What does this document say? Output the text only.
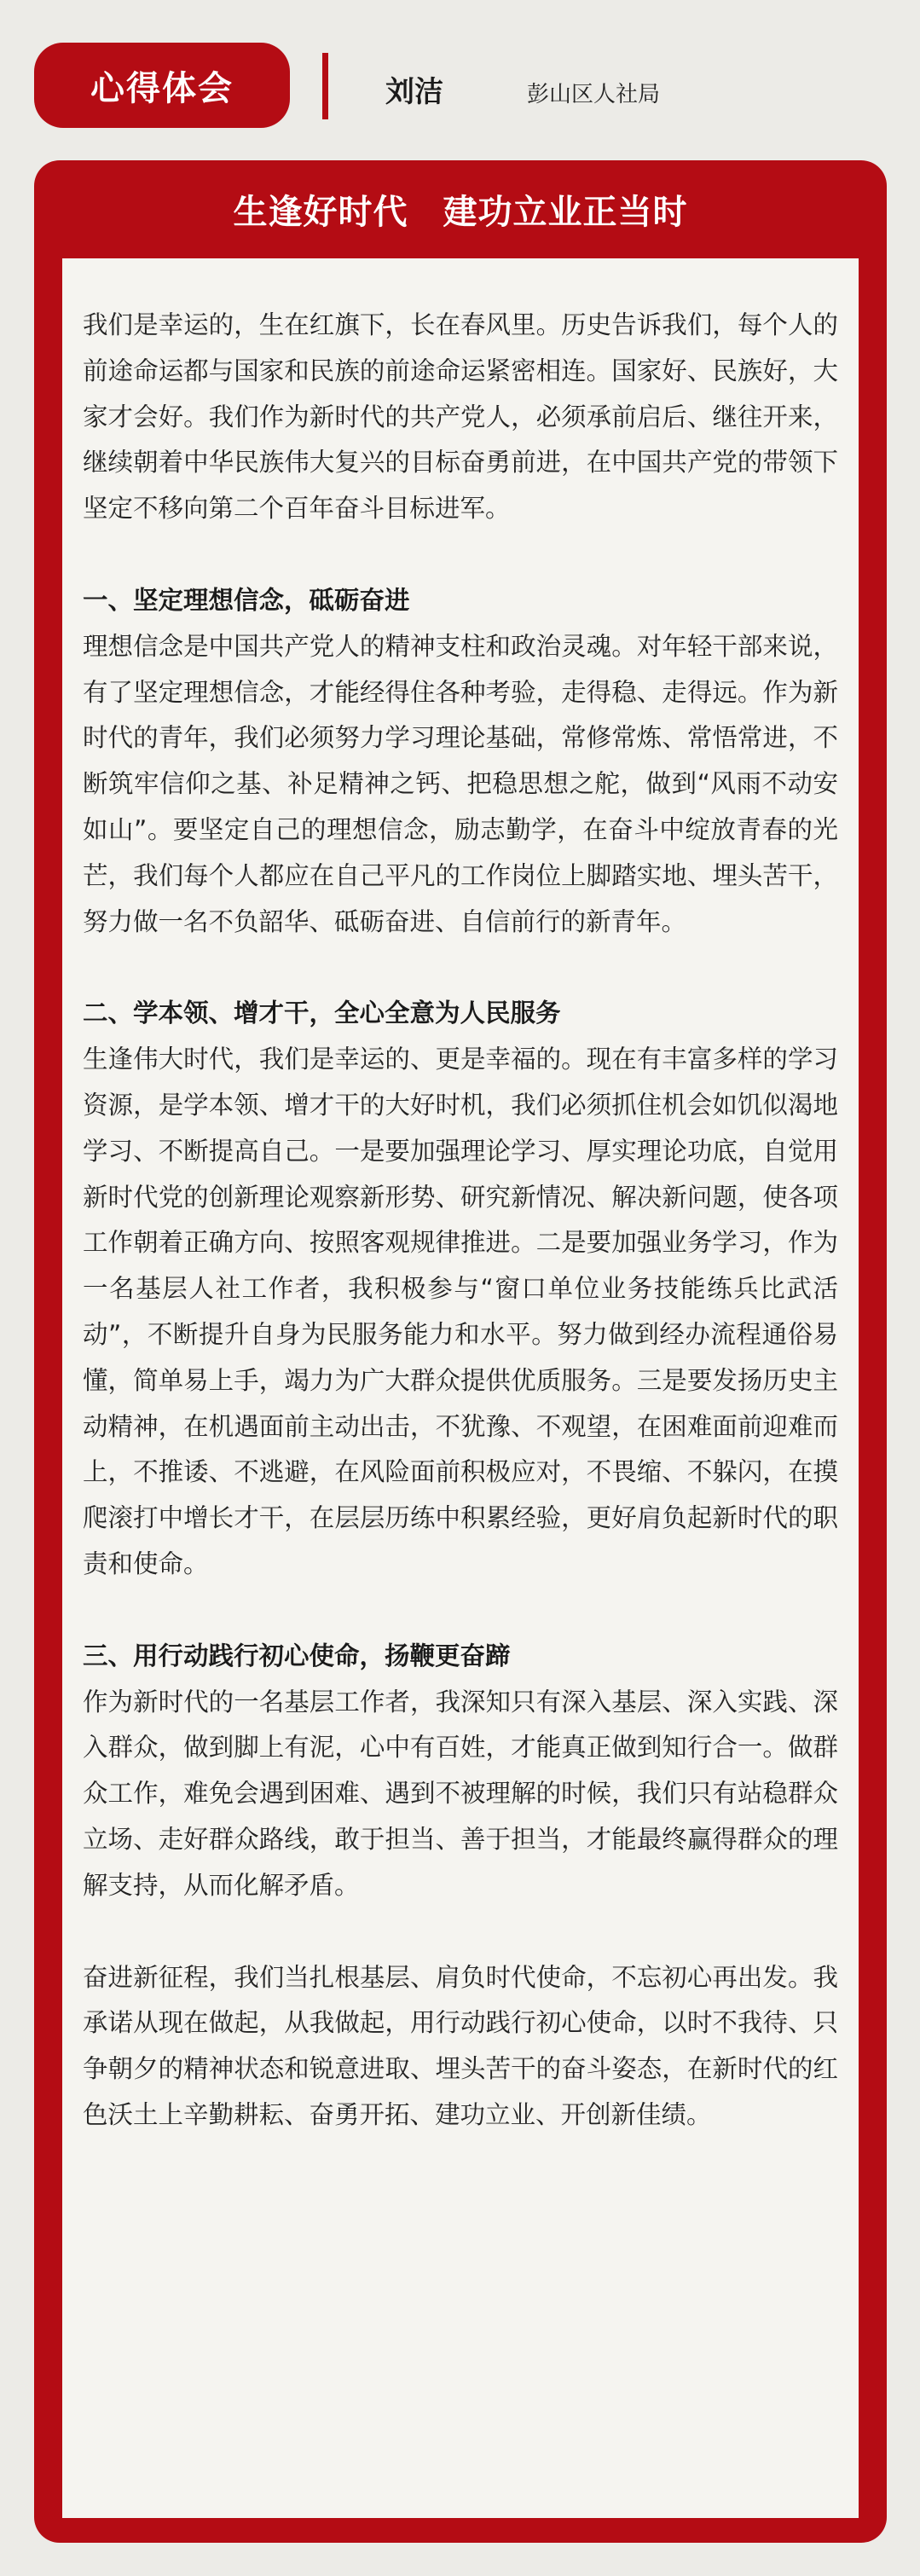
心得体会	刘洁	彭山区人社局
生逢好时代　建功立业正当时
我们是幸运的，生在红旗下，长在春风里。历史告诉我们，每个人的前途命运都与国家和民族的前途命运紧密相连。国家好、民族好，大家才会好。我们作为新时代的共产党人，必须承前启后、继往开来，继续朝着中华民族伟大复兴的目标奋勇前进，在中国共产党的带领下坚定不移向第二个百年奋斗目标进军。
一、坚定理想信念，砥砺奋进
理想信念是中国共产党人的精神支柱和政治灵魂。对年轻干部来说，有了坚定理想信念，才能经得住各种考验，走得稳、走得远。作为新时代的青年，我们必须努力学习理论基础，常修常炼、常悟常进，不断筑牢信仰之基、补足精神之钙、把稳思想之舵，做到“风雨不动安如山”。要坚定自己的理想信念，励志勤学，在奋斗中绽放青春的光芒，我们每个人都应在自己平凡的工作岗位上脚踏实地、埋头苦干，努力做一名不负韶华、砥砺奋进、自信前行的新青年。
二、学本领、增才干，全心全意为人民服务
生逢伟大时代，我们是幸运的、更是幸福的。现在有丰富多样的学习资源，是学本领、增才干的大好时机，我们必须抓住机会如饥似渴地学习、不断提高自己。一是要加强理论学习、厚实理论功底，自觉用新时代党的创新理论观察新形势、研究新情况、解决新问题，使各项工作朝着正确方向、按照客观规律推进。二是要加强业务学习，作为一名基层人社工作者，我积极参与“窗口单位业务技能练兵比武活动”，不断提升自身为民服务能力和水平。努力做到经办流程通俗易懂，简单易上手，竭力为广大群众提供优质服务。三是要发扬历史主动精神，在机遇面前主动出击，不犹豫、不观望，在困难面前迎难而上，不推诿、不逃避，在风险面前积极应对，不畏缩、不躲闪，在摸爬滚打中增长才干，在层层历练中积累经验，更好肩负起新时代的职责和使命。
三、用行动践行初心使命，扬鞭更奋蹄
作为新时代的一名基层工作者，我深知只有深入基层、深入实践、深入群众，做到脚上有泥，心中有百姓，才能真正做到知行合一。做群众工作，难免会遇到困难、遇到不被理解的时候，我们只有站稳群众立场、走好群众路线，敢于担当、善于担当，才能最终赢得群众的理解支持，从而化解矛盾。
奋进新征程，我们当扎根基层、肩负时代使命，不忘初心再出发。我承诺从现在做起，从我做起，用行动践行初心使命，以时不我待、只争朝夕的精神状态和锐意进取、埋头苦干的奋斗姿态，在新时代的红色沃土上辛勤耕耘、奋勇开拓、建功立业、开创新佳绩。
